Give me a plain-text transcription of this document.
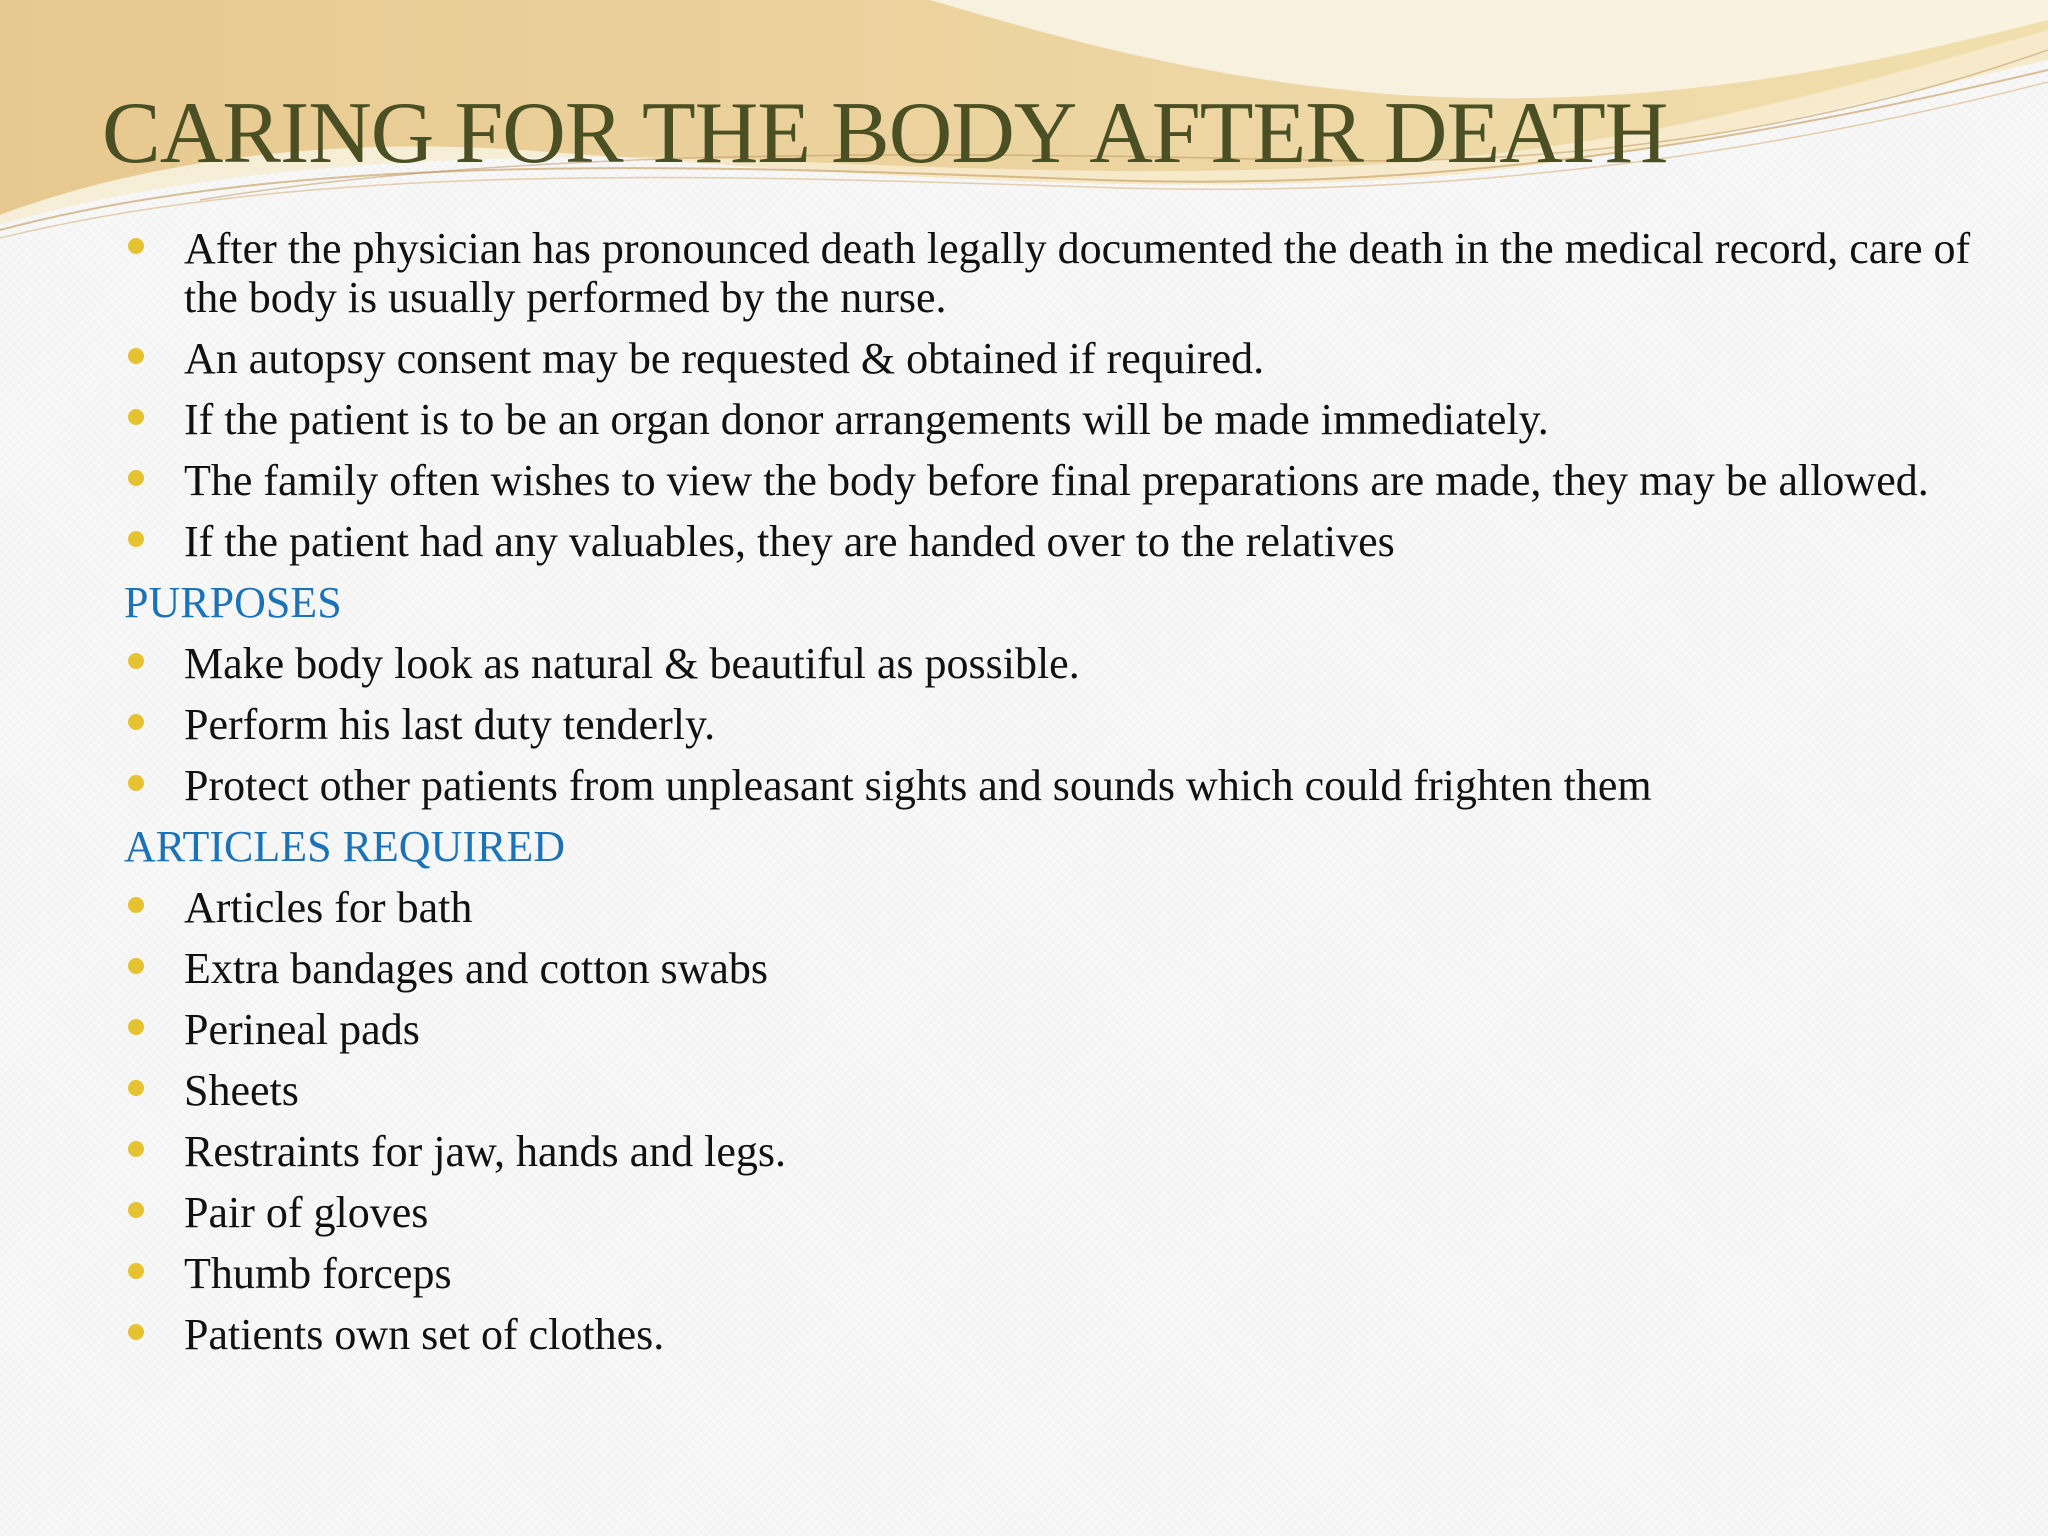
CARING FOR THE BODY AFTER DEATH
After the physician has pronounced death legally documented the death in the medical record, care of the body is usually performed by the nurse.
An autopsy consent may be requested & obtained if required.
If the patient is to be an organ donor arrangements will be made immediately.
The family often wishes to view the body before final preparations are made, they may be allowed.
If the patient had any valuables, they are handed over to the relatives
PURPOSES
Make body look as natural & beautiful as possible.
Perform his last duty tenderly.
Protect other patients from unpleasant sights and sounds which could frighten them
ARTICLES REQUIRED
Articles for bath
Extra bandages and cotton swabs
Perineal pads
Sheets
Restraints for jaw, hands and legs.
Pair of gloves
Thumb forceps
Patients own set of clothes.
